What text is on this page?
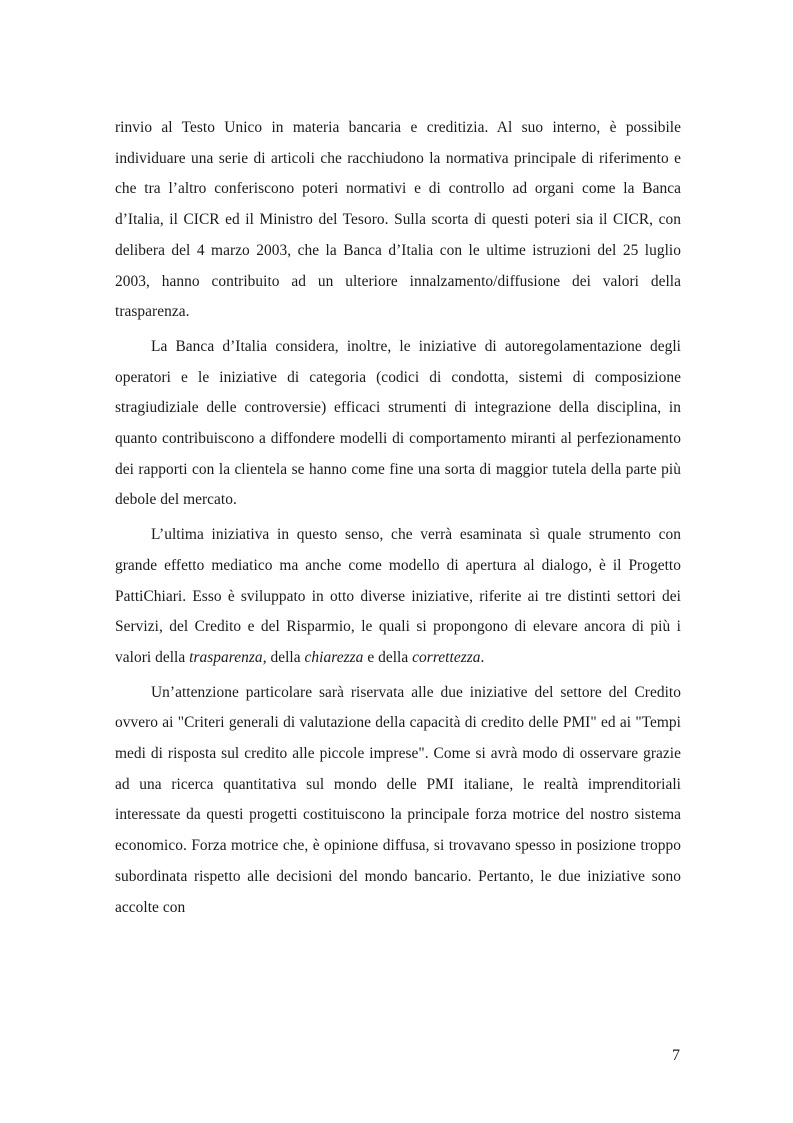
rinvio al Testo Unico in materia bancaria e creditizia. Al suo interno, è possibile individuare una serie di articoli che racchiudono la normativa principale di riferimento e che tra l’altro conferiscono poteri normativi e di controllo ad organi come la Banca d’Italia, il CICR ed il Ministro del Tesoro. Sulla scorta di questi poteri sia il CICR, con delibera del 4 marzo 2003, che la Banca d’Italia con le ultime istruzioni del 25 luglio 2003, hanno contribuito ad un ulteriore innalzamento/diffusione dei valori della trasparenza.

La Banca d’Italia considera, inoltre, le iniziative di autoregolamentazione degli operatori e le iniziative di categoria (codici di condotta, sistemi di composizione stragiudiziale delle controversie) efficaci strumenti di integrazione della disciplina, in quanto contribuiscono a diffondere modelli di comportamento miranti al perfezionamento dei rapporti con la clientela se hanno come fine una sorta di maggior tutela della parte più debole del mercato.

L’ultima iniziativa in questo senso, che verrà esaminata sì quale strumento con grande effetto mediatico ma anche come modello di apertura al dialogo, è il Progetto PattiChiari. Esso è sviluppato in otto diverse iniziative, riferite ai tre distinti settori dei Servizi, del Credito e del Risparmio, le quali si propongono di elevare ancora di più i valori della trasparenza, della chiarezza e della correttezza.

Un’attenzione particolare sarà riservata alle due iniziative del settore del Credito ovvero ai "Criteri generali di valutazione della capacità di credito delle PMI" ed ai "Tempi medi di risposta sul credito alle piccole imprese". Come si avrà modo di osservare grazie ad una ricerca quantitativa sul mondo delle PMI italiane, le realtà imprenditoriali interessate da questi progetti costituiscono la principale forza motrice del nostro sistema economico. Forza motrice che, è opinione diffusa, si trovavano spesso in posizione troppo subordinata rispetto alle decisioni del mondo bancario. Pertanto, le due iniziative sono accolte con

7
